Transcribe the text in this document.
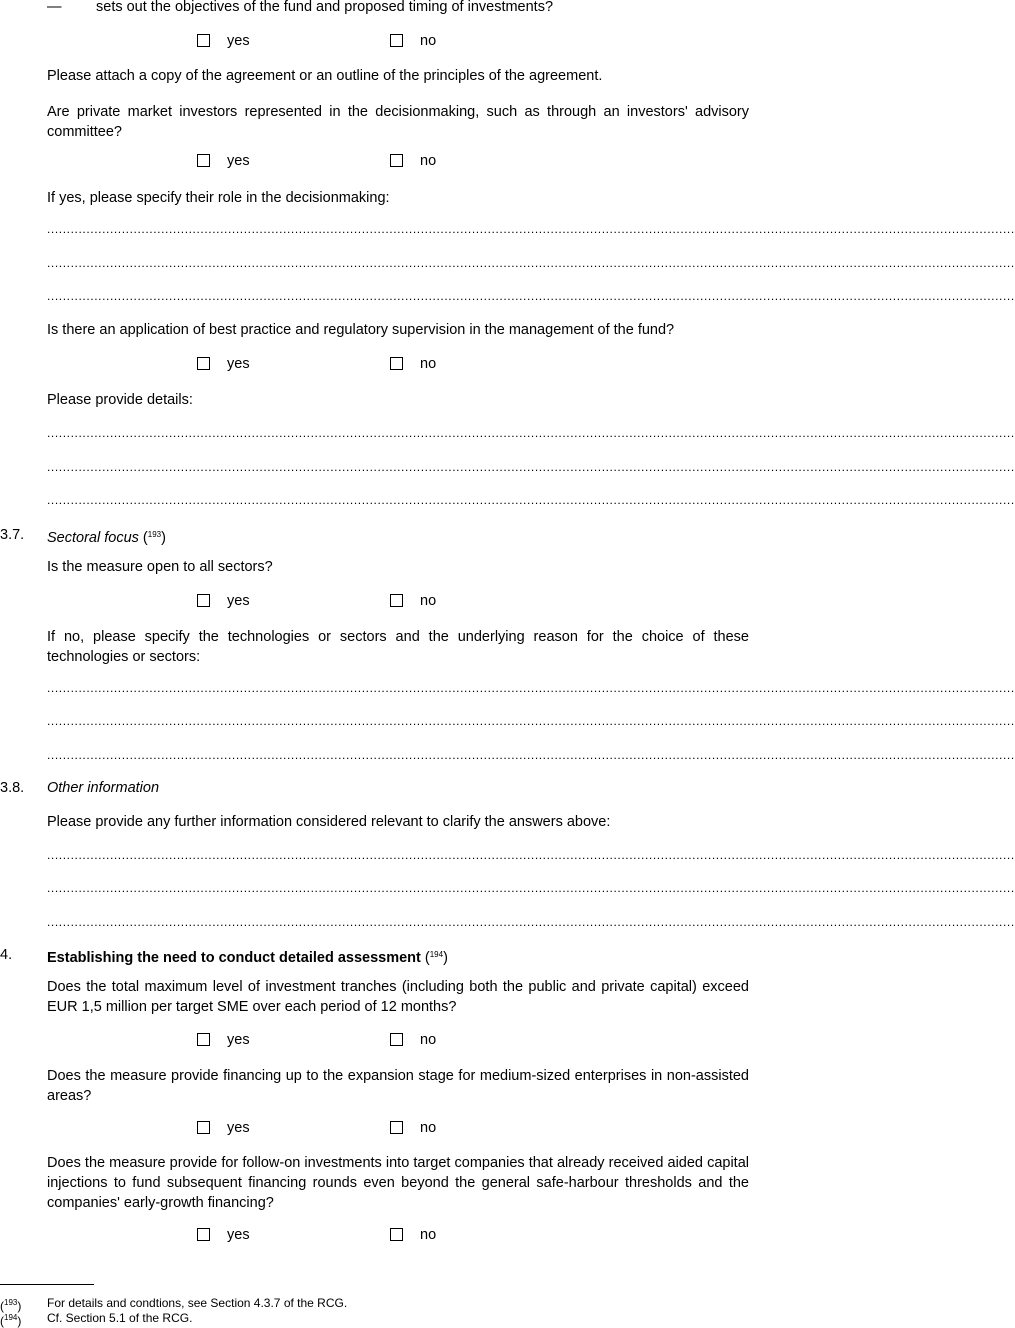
— sets out the objectives of the fund and proposed timing of investments?
yes	no
Please attach a copy of the agreement or an outline of the principles of the agreement.
Are private market investors represented in the decisionmaking, such as through an investors' advisory committee?
yes	no
If yes, please specify their role in the decisionmaking:
......................................................................................................................................................................................................................................................
......................................................................................................................................................................................................................................................
......................................................................................................................................................................................................................................................
Is there an application of best practice and regulatory supervision in the management of the fund?
yes	no
Please provide details:
......................................................................................................................................................................................................................................................
......................................................................................................................................................................................................................................................
......................................................................................................................................................................................................................................................
3.7. Sectoral focus ($^{193}$)
Is the measure open to all sectors?
yes	no
If no, please specify the technologies or sectors and the underlying reason for the choice of these technologies or sectors:
......................................................................................................................................................................................................................................................
......................................................................................................................................................................................................................................................
......................................................................................................................................................................................................................................................
3.8. Other information
Please provide any further information considered relevant to clarify the answers above:
......................................................................................................................................................................................................................................................
......................................................................................................................................................................................................................................................
......................................................................................................................................................................................................................................................
4. Establishing the need to conduct detailed assessment ($^{194}$)
Does the total maximum level of investment tranches (including both the public and private capital) exceed EUR 1,5 million per target SME over each period of 12 months?
yes	no
Does the measure provide financing up to the expansion stage for medium-sized enterprises in non-assisted areas?
yes	no
Does the measure provide for follow-on investments into target companies that already received aided capital injections to fund subsequent financing rounds even beyond the general safe-harbour thresholds and the companies' early-growth financing?
yes	no
($^{193}$) For details and condtions, see Section 4.3.7 of the RCG.
($^{194}$) Cf. Section 5.1 of the RCG.
